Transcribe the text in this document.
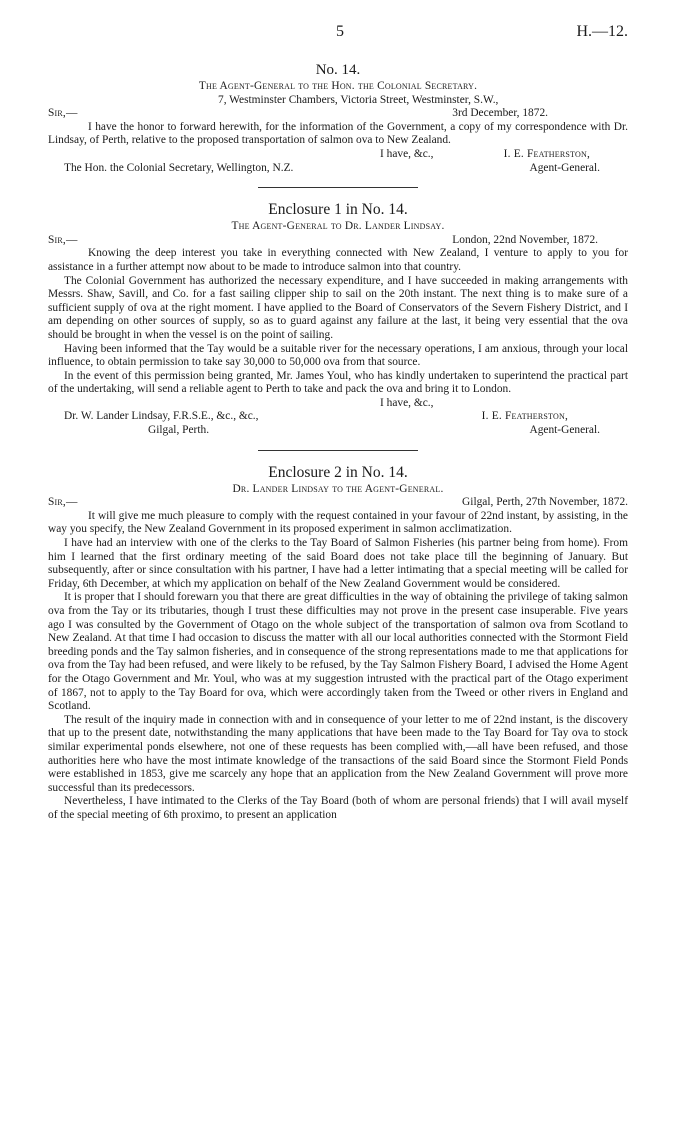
5	H.—12.

No. 14.

The Agent-General to the Hon. the Colonial Secretary.

7, Westminster Chambers, Victoria Street, Westminster, S.W.,

Sir,—	3rd December, 1872.

I have the honor to forward herewith, for the information of the Government, a copy of my correspondence with Dr. Lindsay, of Perth, relative to the proposed transportation of salmon ova to New Zealand.

I have, &c.,

The Hon. the Colonial Secretary, Wellington, N.Z.
I. E. Featherston,
Agent-General.

Enclosure 1 in No. 14.

The Agent-General to Dr. Lander Lindsay.

Sir,—	London, 22nd November, 1872.

Knowing the deep interest you take in everything connected with New Zealand, I venture to apply to you for assistance in a further attempt now about to be made to introduce salmon into that country.

The Colonial Government has authorized the necessary expenditure, and I have succeeded in making arrangements with Messrs. Shaw, Savill, and Co. for a fast sailing clipper ship to sail on the 20th instant. The next thing is to make sure of a sufficient supply of ova at the right moment. I have applied to the Board of Conservators of the Severn Fishery District, and I am depending on other sources of supply, so as to guard against any failure at the last, it being very essential that the ova should be brought in when the vessel is on the point of sailing.

Having been informed that the Tay would be a suitable river for the necessary operations, I am anxious, through your local influence, to obtain permission to take say 30,000 to 50,000 ova from that source.

In the event of this permission being granted, Mr. James Youl, who has kindly undertaken to superintend the practical part of the undertaking, will send a reliable agent to Perth to take and pack the ova and bring it to London.

I have, &c.,

Dr. W. Lander Lindsay, F.R.S.E., &c., &c.,	I. E. Featherston,
Gilgal, Perth.	Agent-General.

Enclosure 2 in No. 14.

Dr. Lander Lindsay to the Agent-General.

Sir,—	Gilgal, Perth, 27th November, 1872.

It will give me much pleasure to comply with the request contained in your favour of 22nd instant, by assisting, in the way you specify, the New Zealand Government in its proposed experiment in salmon acclimatization.

I have had an interview with one of the clerks to the Tay Board of Salmon Fisheries (his partner being from home). From him I learned that the first ordinary meeting of the said Board does not take place till the beginning of January. But subsequently, after or since consultation with his partner, I have had a letter intimating that a special meeting will be called for Friday, 6th December, at which my application on behalf of the New Zealand Government would be considered.

It is proper that I should forewarn you that there are great difficulties in the way of obtaining the privilege of taking salmon ova from the Tay or its tributaries, though I trust these difficulties may not prove in the present case insuperable. Five years ago I was consulted by the Government of Otago on the whole subject of the transportation of salmon ova from Scotland to New Zealand. At that time I had occasion to discuss the matter with all our local authorities connected with the Stormont Field breeding ponds and the Tay salmon fisheries, and in consequence of the strong representations made to me that applications for ova from the Tay had been refused, and were likely to be refused, by the Tay Salmon Fishery Board, I advised the Home Agent for the Otago Government and Mr. Youl, who was at my suggestion intrusted with the practical part of the Otago experiment of 1867, not to apply to the Tay Board for ova, which were accordingly taken from the Tweed or other rivers in England and Scotland.

The result of the inquiry made in connection with and in consequence of your letter to me of 22nd instant, is the discovery that up to the present date, notwithstanding the many applications that have been made to the Tay Board for Tay ova to stock similar experimental ponds elsewhere, not one of these requests has been complied with,—all have been refused, and those authorities here who have the most intimate knowledge of the transactions of the said Board since the Stormont Field Ponds were established in 1853, give me scarcely any hope that an application from the New Zealand Government will prove more successful than its predecessors.

Nevertheless, I have intimated to the Clerks of the Tay Board (both of whom are personal friends) that I will avail myself of the special meeting of 6th proximo, to present an application
